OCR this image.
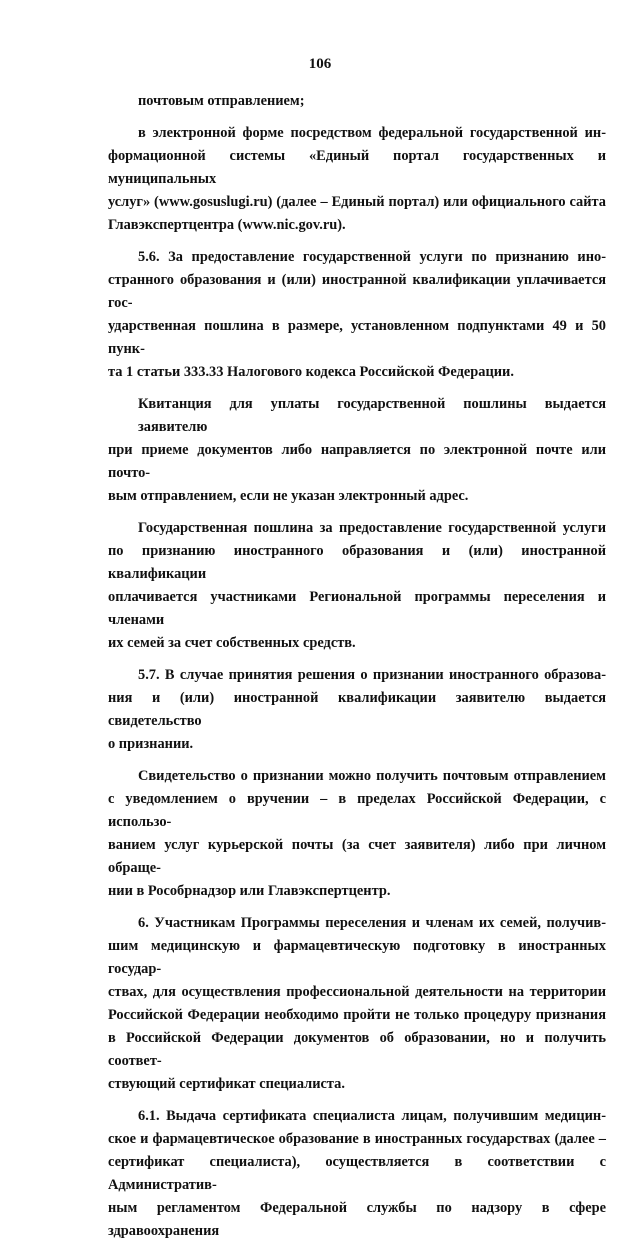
106

почтовым отправлением;

в электронной форме посредством федеральной государственной ин-
формационной системы «Единый портал государственных и муниципальных
услуг» (www.gosuslugi.ru) (далее – Единый портал) или официального сайта
Главэкспертцентра (www.nic.gov.ru).

5.6. За предоставление государственной услуги по признанию ино-
странного образования и (или) иностранной квалификации уплачивается гос-
ударственная пошлина в размере, установленном подпунктами 49 и 50 пунк-
та 1 статьи 333.33 Налогового кодекса Российской Федерации.

Квитанция для уплаты государственной пошлины выдается заявителю
при приеме документов либо направляется по электронной почте или почто-
вым отправлением, если не указан электронный адрес.

Государственная пошлина за предоставление государственной услуги
по признанию иностранного образования и (или) иностранной квалификации
оплачивается участниками Региональной программы переселения и членами
их семей за счет собственных средств.

5.7. В случае принятия решения о признании иностранного образова-
ния и (или) иностранной квалификации заявителю выдается свидетельство
о признании.

Свидетельство о признании можно получить почтовым отправлением
с уведомлением о вручении – в пределах Российской Федерации, с использо-
ванием услуг курьерской почты (за счет заявителя) либо при личном обраще-
нии в Рособрнадзор или Главэкспертцентр.

6. Участникам Программы переселения и членам их семей, получив-
шим медицинскую и фармацевтическую подготовку в иностранных государ-
ствах, для осуществления профессиональной деятельности на территории
Российской Федерации необходимо пройти не только процедуру признания
в Российской Федерации документов об образовании, но и получить соответ-
ствующий сертификат специалиста.

6.1. Выдача сертификата специалиста лицам, получившим медицин-
ское и фармацевтическое образование в иностранных государствах (далее –
сертификат специалиста), осуществляется в соответствии с Административ-
ным регламентом Федеральной службы по надзору в сфере здравоохранения
